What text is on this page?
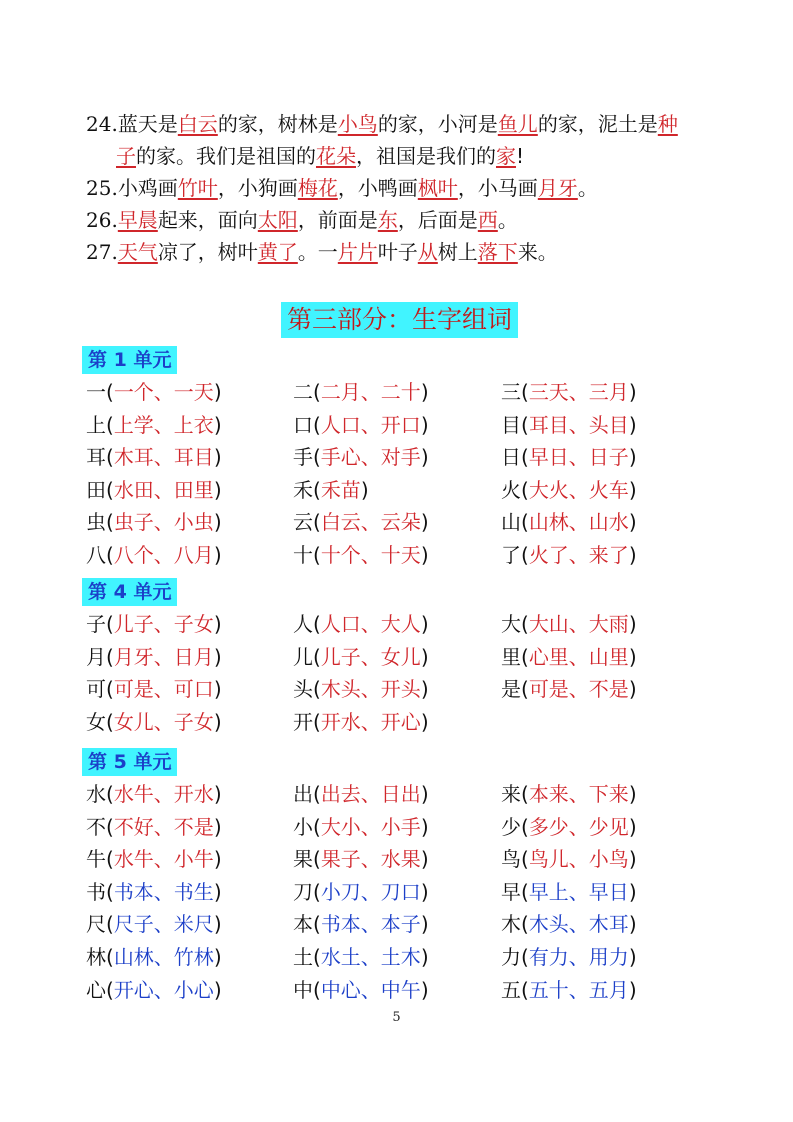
24.蓝天是白云的家，树林是小鸟的家，小河是鱼儿的家，泥土是种
子的家。我们是祖国的花朵，祖国是我们的家!
25.小鸡画竹叶，小狗画梅花，小鸭画枫叶，小马画月牙。
26.早晨起来，面向太阳，前面是东，后面是西。
27.天气凉了，树叶黄了。一片片叶子从树上落下来。
第三部分：生字组词
第 1 单元
一(一个、一天)	二(二月、二十)	三(三天、三月)
上(上学、上衣)	口(人口、开口)	目(耳目、头目)
耳(木耳、耳目)	手(手心、对手)	日(早日、日子)
田(水田、田里)	禾(禾苗)	火(大火、火车)
虫(虫子、小虫)	云(白云、云朵)	山(山林、山水)
八(八个、八月)	十(十个、十天)	了(火了、来了)
第 4 单元
子(儿子、子女)	人(人口、大人)	大(大山、大雨)
月(月牙、日月)	儿(儿子、女儿)	里(心里、山里)
可(可是、可口)	头(木头、开头)	是(可是、不是)
女(女儿、子女)	开(开水、开心)
第 5 单元
水(水牛、开水)	出(出去、日出)	来(本来、下来)
不(不好、不是)	小(大小、小手)	少(多少、少见)
牛(水牛、小牛)	果(果子、水果)	鸟(鸟儿、小鸟)
书(书本、书生)	刀(小刀、刀口)	早(早上、早日)
尺(尺子、米尺)	本(书本、本子)	木(木头、木耳)
林(山林、竹林)	土(水土、土木)	力(有力、用力)
心(开心、小心)	中(中心、中午)	五(五十、五月)
5
